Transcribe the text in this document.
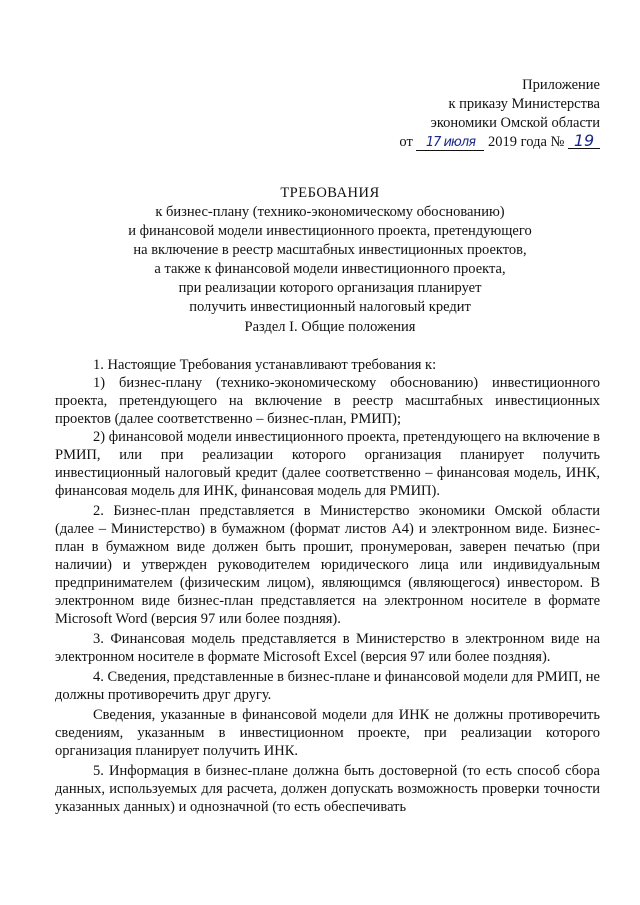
Приложение
к приказу Министерства
экономики Омской области
от 17 июля 2019 года № 19
ТРЕБОВАНИЯ
к бизнес-плану (технико-экономическому обоснованию)
и финансовой модели инвестиционного проекта, претендующего
на включение в реестр масштабных инвестиционных проектов,
а также к финансовой модели инвестиционного проекта,
при реализации которого организация планирует
получить инвестиционный налоговый кредит
Раздел I. Общие положения

1. Настоящие Требования устанавливают требования к:

1) бизнес-плану (технико-экономическому обоснованию) инвестиционного проекта, претендующего на включение в реестр масштабных инвестиционных проектов (далее соответственно – бизнес-план, РМИП);

2) финансовой модели инвестиционного проекта, претендующего на включение в РМИП, или при реализации которого организация планирует получить инвестиционный налоговый кредит (далее соответственно – финансовая модель, ИНК, финансовая модель для ИНК, финансовая модель для РМИП).

2. Бизнес-план представляется в Министерство экономики Омской области (далее – Министерство) в бумажном (формат листов А4) и электронном виде. Бизнес-план в бумажном виде должен быть прошит, пронумерован, заверен печатью (при наличии) и утвержден руководителем юридического лица или индивидуальным предпринимателем (физическим лицом), являющимся (являющегося) инвестором. В электронном виде бизнес-план представляется на электронном носителе в формате Microsoft Word (версия 97 или более поздняя).

3. Финансовая модель представляется в Министерство в электронном виде на электронном носителе в формате Microsoft Excel (версия 97 или более поздняя).

4. Сведения, представленные в бизнес-плане и финансовой модели для РМИП, не должны противоречить друг другу.

Сведения, указанные в финансовой модели для ИНК не должны противоречить сведениям, указанным в инвестиционном проекте, при реализации которого организация планирует получить ИНК.

5. Информация в бизнес-плане должна быть достоверной (то есть способ сбора данных, используемых для расчета, должен допускать возможность проверки точности указанных данных) и однозначной (то есть обеспечивать
